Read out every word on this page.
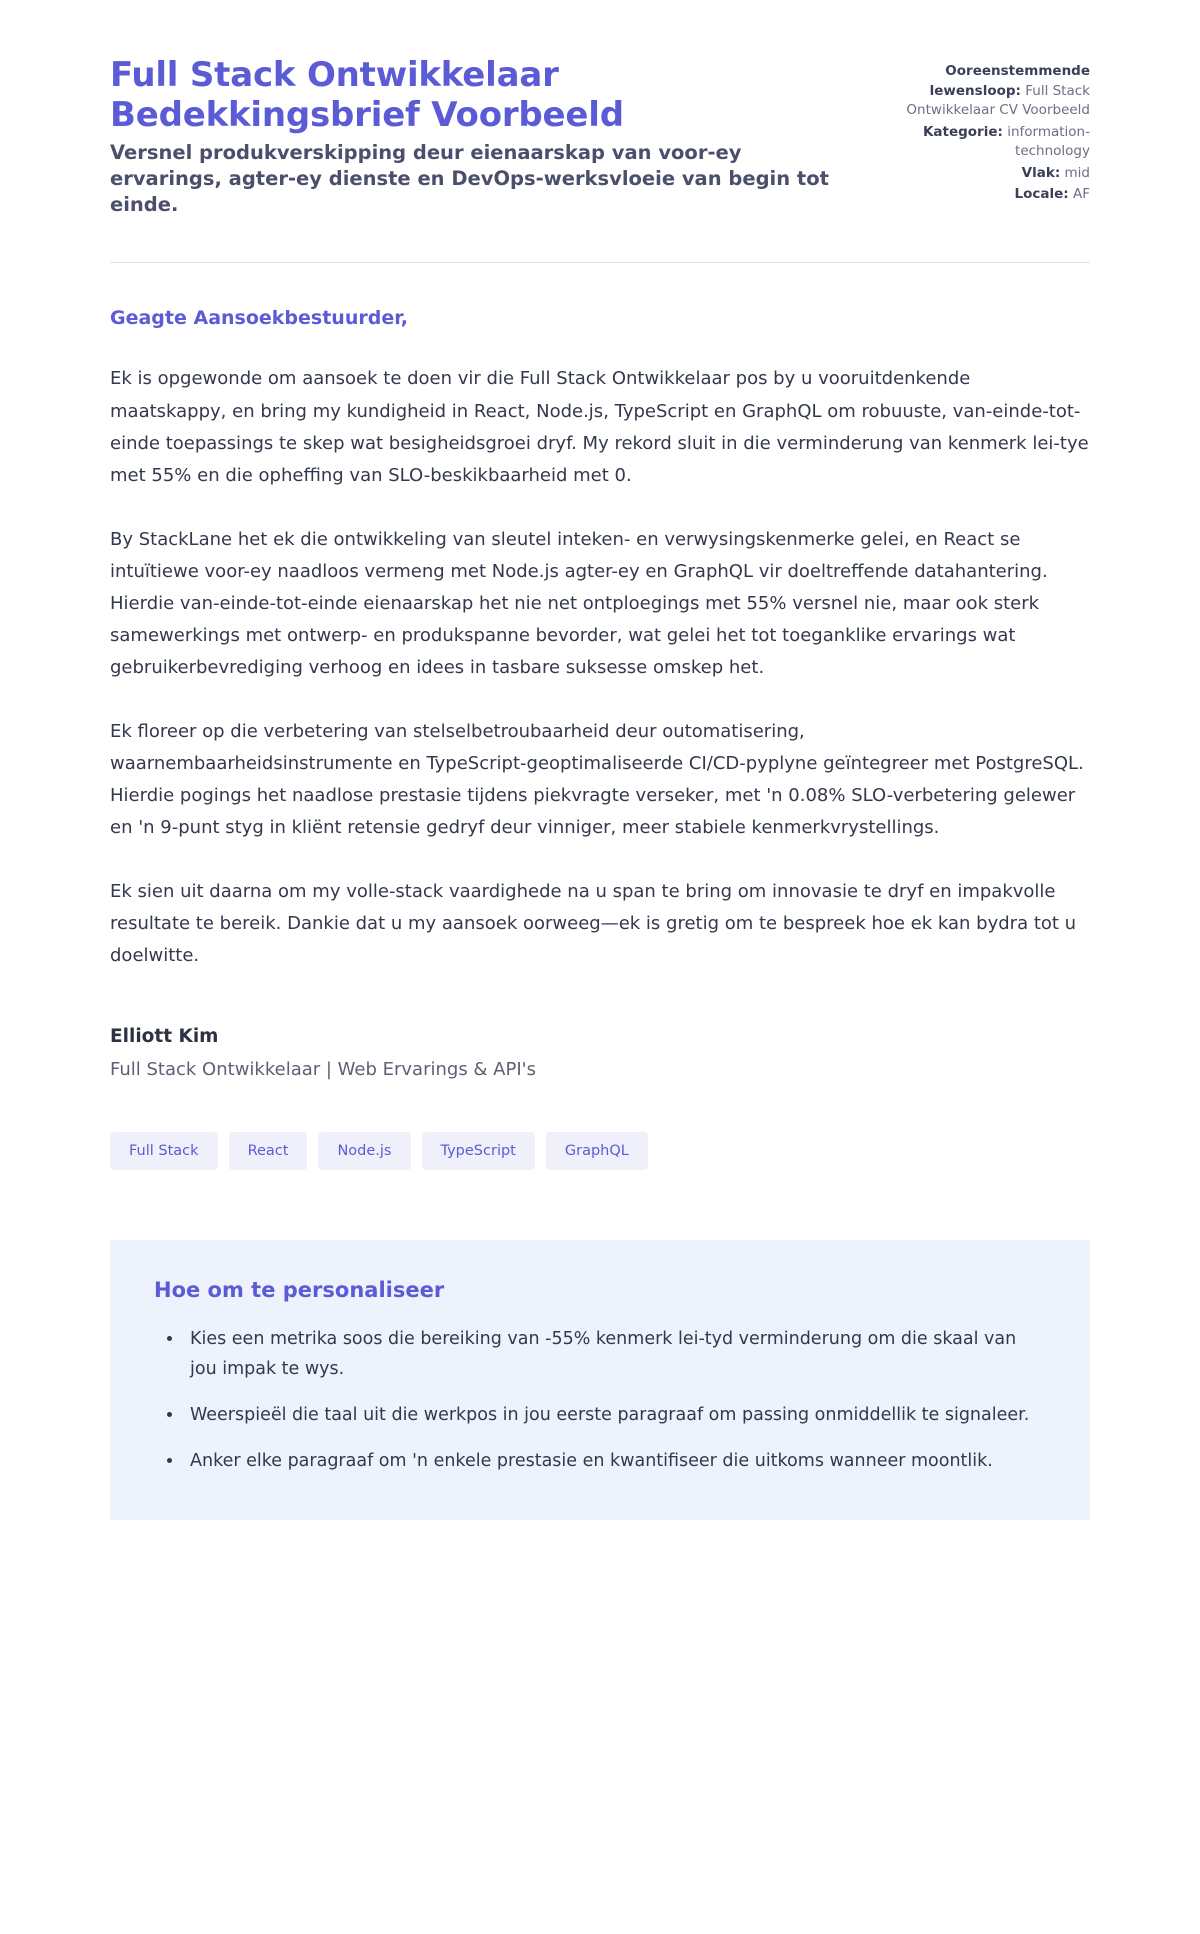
Full Stack Ontwikkelaar Bedekkingsbrief Voorbeeld

Versnel produkverskipping deur eienaarskap van voor-ey ervarings, agter-ey dienste en DevOps-werksvloeie van begin tot einde.

Ooreenstemmende lewensloop: Full Stack Ontwikkelaar CV Voorbeeld
Kategorie: information-technology
Vlak: mid
Locale: AF

Geagte Aansoekbestuurder,

Ek is opgewonde om aansoek te doen vir die Full Stack Ontwikkelaar pos by u vooruitdenkende maatskappy, en bring my kundigheid in React, Node.js, TypeScript en GraphQL om robuuste, van-einde-tot-einde toepassings te skep wat besigheidsgroei dryf. My rekord sluit in die verminderung van kenmerk lei-tye met 55% en die opheffing van SLO-beskikbaarheid met 0.

By StackLane het ek die ontwikkeling van sleutel inteken- en verwysingskenmerke gelei, en React se intuïtiewe voor-ey naadloos vermeng met Node.js agter-ey en GraphQL vir doeltreffende datahantering. Hierdie van-einde-tot-einde eienaarskap het nie net ontploegings met 55% versnel nie, maar ook sterk samewerkings met ontwerp- en produkspanne bevorder, wat gelei het tot toeganklike ervarings wat gebruikerbevrediging verhoog en idees in tasbare suksesse omskep het.

Ek floreer op die verbetering van stelselbetroubaarheid deur outomatisering, waarnembaarheidsinstrumente en TypeScript-geoptimaliseerde CI/CD-pyplyne geïntegreer met PostgreSQL. Hierdie pogings het naadlose prestasie tijdens piekvragte verseker, met 'n 0.08% SLO-verbetering gelewer en 'n 9-punt styg in kliënt retensie gedryf deur vinniger, meer stabiele kenmerkvrystellings.

Ek sien uit daarna om my volle-stack vaardighede na u span te bring om innovasie te dryf en impakvolle resultate te bereik. Dankie dat u my aansoek oorweeg—ek is gretig om te bespreek hoe ek kan bydra tot u doelwitte.

Elliott Kim

Full Stack Ontwikkelaar | Web Ervarings & API's

Full Stack	React	Node.js	TypeScript	GraphQL
Hoe om te personaliseer
• Kies een metrika soos die bereiking van -55% kenmerk lei-tyd verminderung om die skaal van jou impak te wys.
• Weerspieël die taal uit die werkpos in jou eerste paragraaf om passing onmiddellik te signaleer.
• Anker elke paragraaf om 'n enkele prestasie en kwantifiseer die uitkoms wanneer moontlik.
